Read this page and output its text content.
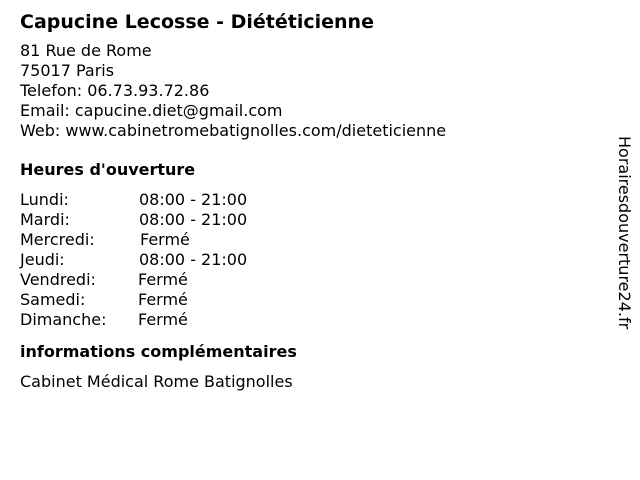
Capucine Lecosse - Diététicienne
81 Rue de Rome
75017 Paris
Telefon: 06.73.93.72.86
Email: capucine.diet@gmail.com
Web: www.cabinetromebatignolles.com/dieteticienne
Heures d'ouverture
Lundi:	08:00 - 21:00
Mardi:	08:00 - 21:00
Mercredi:	Fermé
Jeudi:	08:00 - 21:00
Vendredi:	Fermé
Samedi:	Fermé
Dimanche:	Fermé
informations complémentaires
Cabinet Médical Rome Batignolles
Horairesdouverture24.fr
